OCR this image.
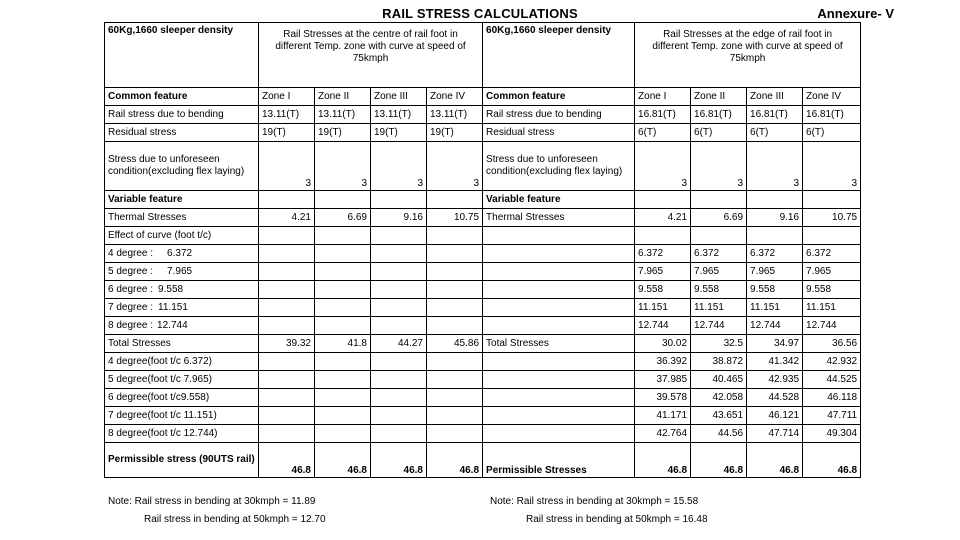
RAIL STRESS CALCULATIONS	Annexure- V
60Kg,1660 sleeper density	Rail Stresses at the centre of rail foot in different Temp. zone with curve at speed of 75kmph				60Kg,1660 sleeper density	Rail Stresses at the edge of rail foot in different Temp. zone with curve at speed of 75kmph			
Common feature	Zone I	Zone II	Zone III	Zone IV	Common feature	Zone I	Zone II	Zone III	Zone IV
Rail stress due to bending	13.11(T)	13.11(T)	13.11(T)	13.11(T)	Rail stress due to bending	16.81(T)	16.81(T)	16.81(T)	16.81(T)
Residual stress	19(T)	19(T)	19(T)	19(T)	Residual stress	6(T)	6(T)	6(T)	6(T)
Stress due to unforeseen condition(excluding flex laying)	3	3	3	3	Stress due to unforeseen condition(excluding flex laying)	3	3	3	3
Variable feature					Variable feature				
Thermal Stresses	4.21	6.69	9.16	10.75	Thermal Stresses	4.21	6.69	9.16	10.75
Effect of curve (foot t/c)									
4 degree : 6.372						6.372	6.372	6.372	6.372
5 degree : 7.965						7.965	7.965	7.965	7.965
6 degree : 9.558						9.558	9.558	9.558	9.558
7 degree : 11.151						11.151	11.151	11.151	11.151
8 degree : 12.744						12.744	12.744	12.744	12.744
Total Stresses	39.32	41.8	44.27	45.86	Total Stresses	30.02	32.5	34.97	36.56
4 degree(foot t/c 6.372)						36.392	38.872	41.342	42.932
5 degree(foot t/c 7.965)						37.985	40.465	42.935	44.525
6 degree(foot t/c9.558)						39.578	42.058	44.528	46.118
7 degree(foot t/c 11.151)						41.171	43.651	46.121	47.711
8 degree(foot t/c 12.744)						42.764	44.56	47.714	49.304
Permissible stress (90UTS rail)	46.8	46.8	46.8	46.8	Permissible Stresses	46.8	46.8	46.8	46.8
Note: Rail stress in bending at 30kmph = 11.89
Rail stress in bending at 50kmph = 12.70
Note: Rail stress in bending at 30kmph = 15.58
Rail stress in bending at 50kmph = 16.48
